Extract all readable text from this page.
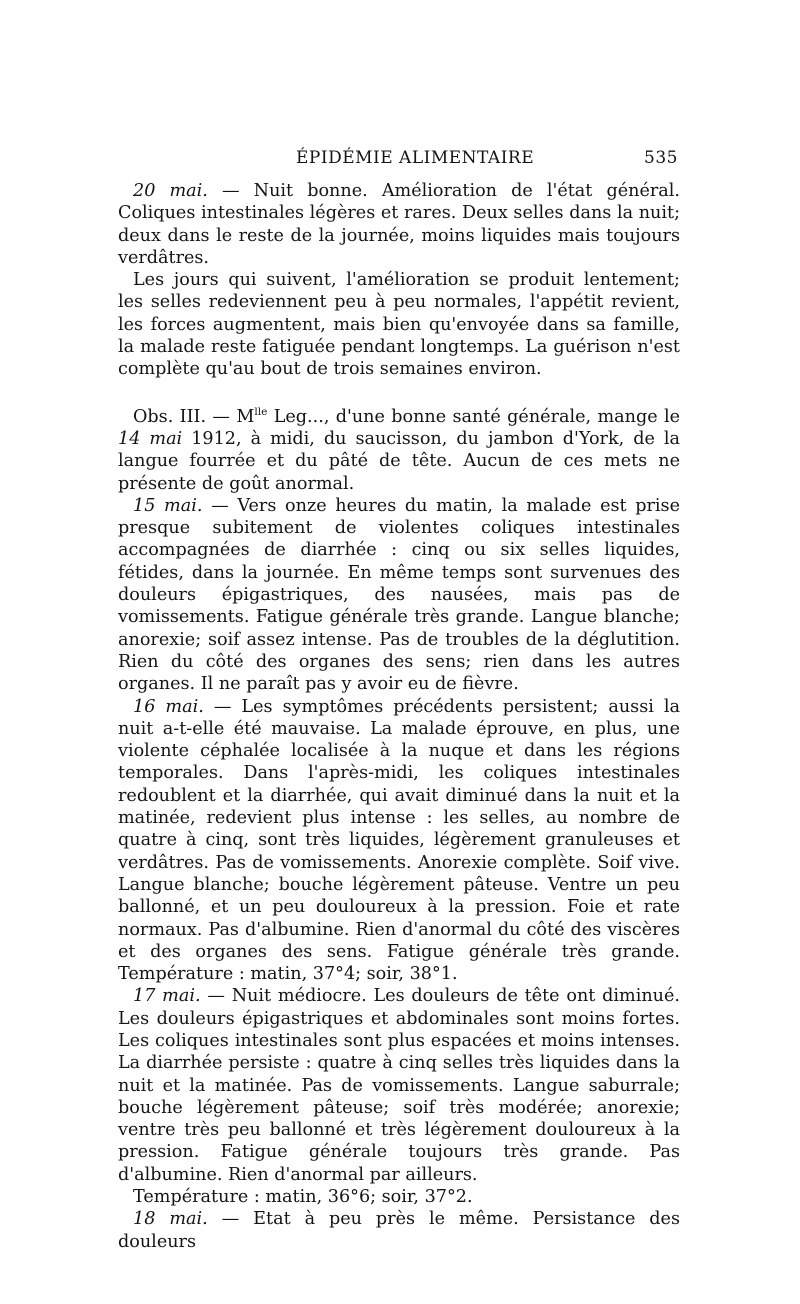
ÉPIDÉMIE ALIMENTAIRE	535

20 mai. — Nuit bonne. Amélioration de l'état général. Coliques intestinales légères et rares. Deux selles dans la nuit; deux dans le reste de la journée, moins liquides mais toujours verdâtres.

Les jours qui suivent, l'amélioration se produit lentement; les selles redeviennent peu à peu normales, l'appétit revient, les forces augmentent, mais bien qu'envoyée dans sa famille, la malade reste fatiguée pendant longtemps. La guérison n'est complète qu'au bout de trois semaines environ.

Obs. III. — $M^{lle}$ Leg..., d'une bonne santé générale, mange le 14 mai 1912, à midi, du saucisson, du jambon d'York, de la langue fourrée et du pâté de tête. Aucun de ces mets ne présente de goût anormal.

15 mai. — Vers onze heures du matin, la malade est prise presque subitement de violentes coliques intestinales accompagnées de diarrhée : cinq ou six selles liquides, fétides, dans la journée. En même temps sont survenues des douleurs épigastriques, des nausées, mais pas de vomissements. Fatigue générale très grande. Langue blanche; anorexie; soif assez intense. Pas de troubles de la déglutition. Rien du côté des organes des sens; rien dans les autres organes. Il ne paraît pas y avoir eu de fièvre.

16 mai. — Les symptômes précédents persistent; aussi la nuit a-t-elle été mauvaise. La malade éprouve, en plus, une violente céphalée localisée à la nuque et dans les régions temporales. Dans l'après-midi, les coliques intestinales redoublent et la diarrhée, qui avait diminué dans la nuit et la matinée, redevient plus intense : les selles, au nombre de quatre à cinq, sont très liquides, légèrement granuleuses et verdâtres. Pas de vomissements. Anorexie complète. Soif vive. Langue blanche; bouche légèrement pâteuse. Ventre un peu ballonné, et un peu douloureux à la pression. Foie et rate normaux. Pas d'albumine. Rien d'anormal du côté des viscères et des organes des sens. Fatigue générale très grande. Température : matin, 37°4; soir, 38°1.

17 mai. — Nuit médiocre. Les douleurs de tête ont diminué. Les douleurs épigastriques et abdominales sont moins fortes. Les coliques intestinales sont plus espacées et moins intenses. La diarrhée persiste : quatre à cinq selles très liquides dans la nuit et la matinée. Pas de vomissements. Langue saburrale; bouche légèrement pâteuse; soif très modérée; anorexie; ventre très peu ballonné et très légèrement douloureux à la pression. Fatigue générale toujours très grande. Pas d'albumine. Rien d'anormal par ailleurs.

Température : matin, 36°6; soir, 37°2.

18 mai. — Etat à peu près le même. Persistance des douleurs
